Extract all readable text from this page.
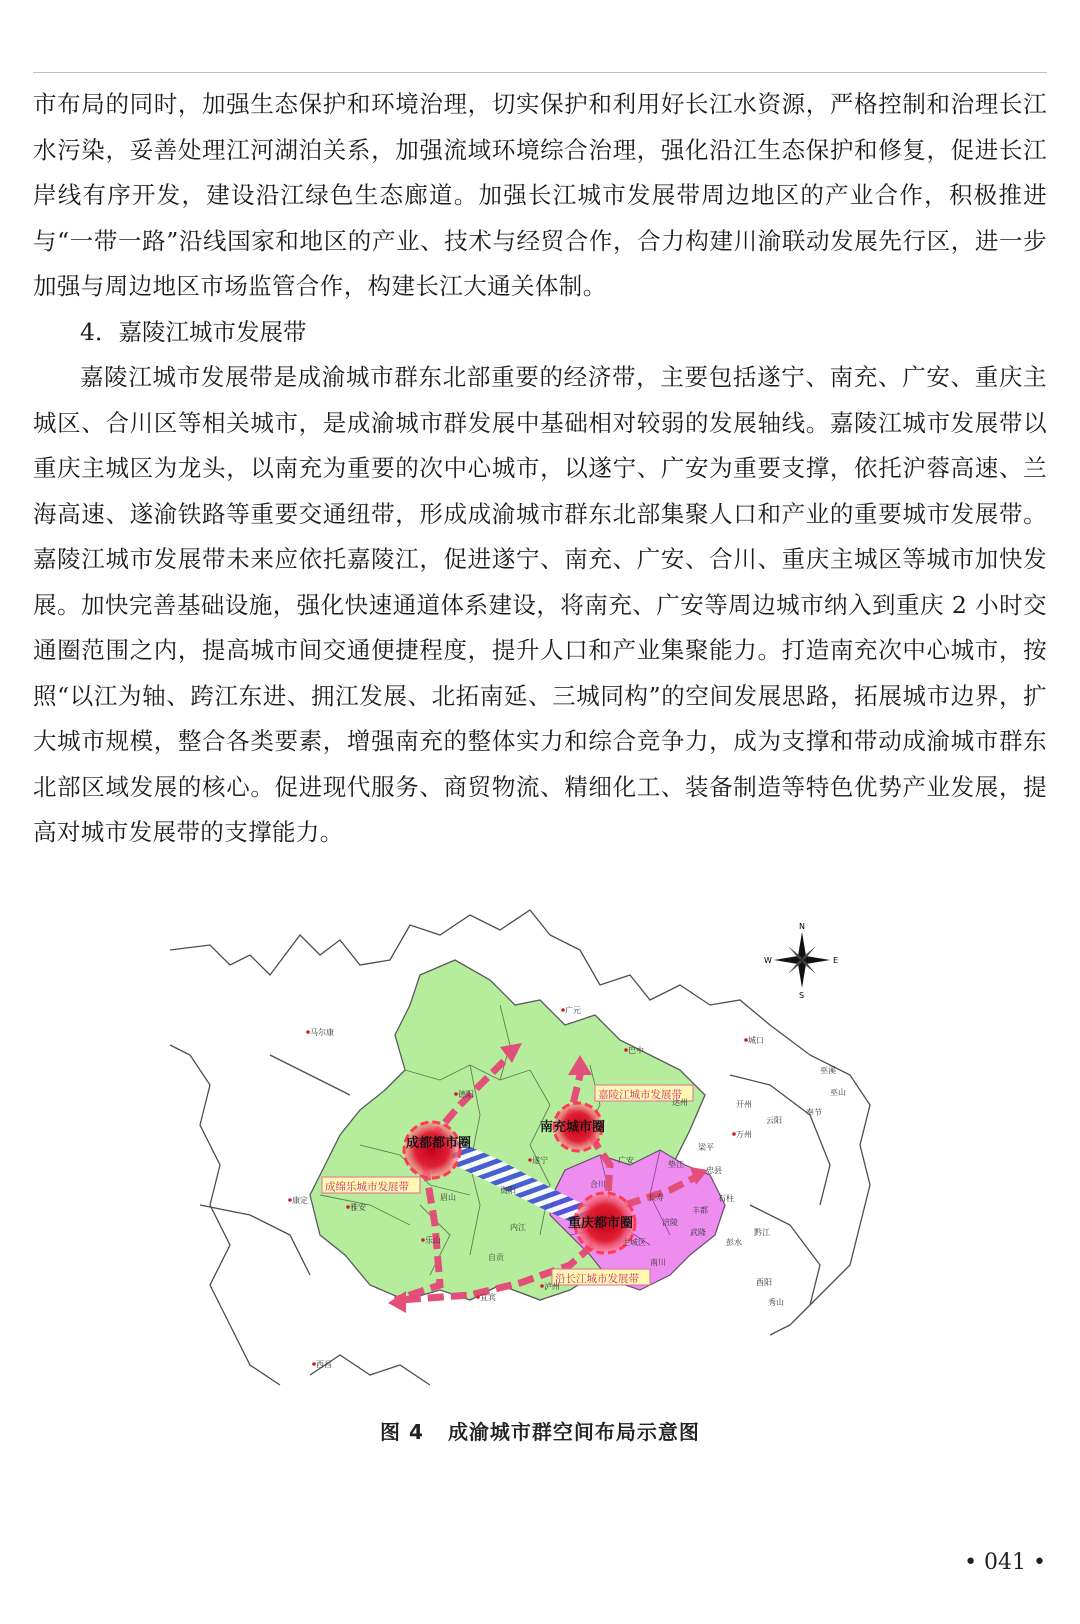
市布局的同时，加强生态保护和环境治理，切实保护和利用好长江水资源，严格控制和治理长江水污染，妥善处理江河湖泊关系，加强流域环境综合治理，强化沿江生态保护和修复，促进长江岸线有序开发，建设沿江绿色生态廊道。加强长江城市发展带周边地区的产业合作，积极推进与“一带一路”沿线国家和地区的产业、技术与经贸合作，合力构建川渝联动发展先行区，进一步加强与周边地区市场监管合作，构建长江大通关体制。

4．嘉陵江城市发展带

嘉陵江城市发展带是成渝城市群东北部重要的经济带，主要包括遂宁、南充、广安、重庆主城区、合川区等相关城市，是成渝城市群发展中基础相对较弱的发展轴线。嘉陵江城市发展带以重庆主城区为龙头，以南充为重要的次中心城市，以遂宁、广安为重要支撑，依托沪蓉高速、兰海高速、遂渝铁路等重要交通纽带，形成成渝城市群东北部集聚人口和产业的重要城市发展带。嘉陵江城市发展带未来应依托嘉陵江，促进遂宁、南充、广安、合川、重庆主城区等城市加快发展。加快完善基础设施，强化快速通道体系建设，将南充、广安等周边城市纳入到重庆 2 小时交通圈范围之内，提高城市间交通便捷程度，提升人口和产业集聚能力。打造南充次中心城市，按照“以江为轴、跨江东进、拥江发展、北拓南延、三城同构”的空间发展思路，拓展城市边界，扩大城市规模，整合各类要素，增强南充的整体实力和综合竞争力，成为支撑和带动成渝城市群东北部区域发展的核心。促进现代服务、商贸物流、精细化工、装备制造等特色优势产业发展，提高对城市发展带的支撑能力。

成都都市圈
南充城市圈
重庆都市圈
嘉陵江城市发展带
成绵乐城市发展带
沿长江城市发展带
N
S
E
W
马尔康
广元
巴中
达州
城口
巫溪
巫山
奉节
云阳
开州
万州
梁平
忠县
石柱
丰都
彭水
黔江
酉阳
秀山
武隆
涪陵
长寿
垫江
德阳
遂宁	广安
合川
资阳
眉山
雅安
乐山
内江
自贡
宜宾
泸州
康定
西昌
主城区
南川
图 4 成渝城市群空间布局示意图
• 041 •
